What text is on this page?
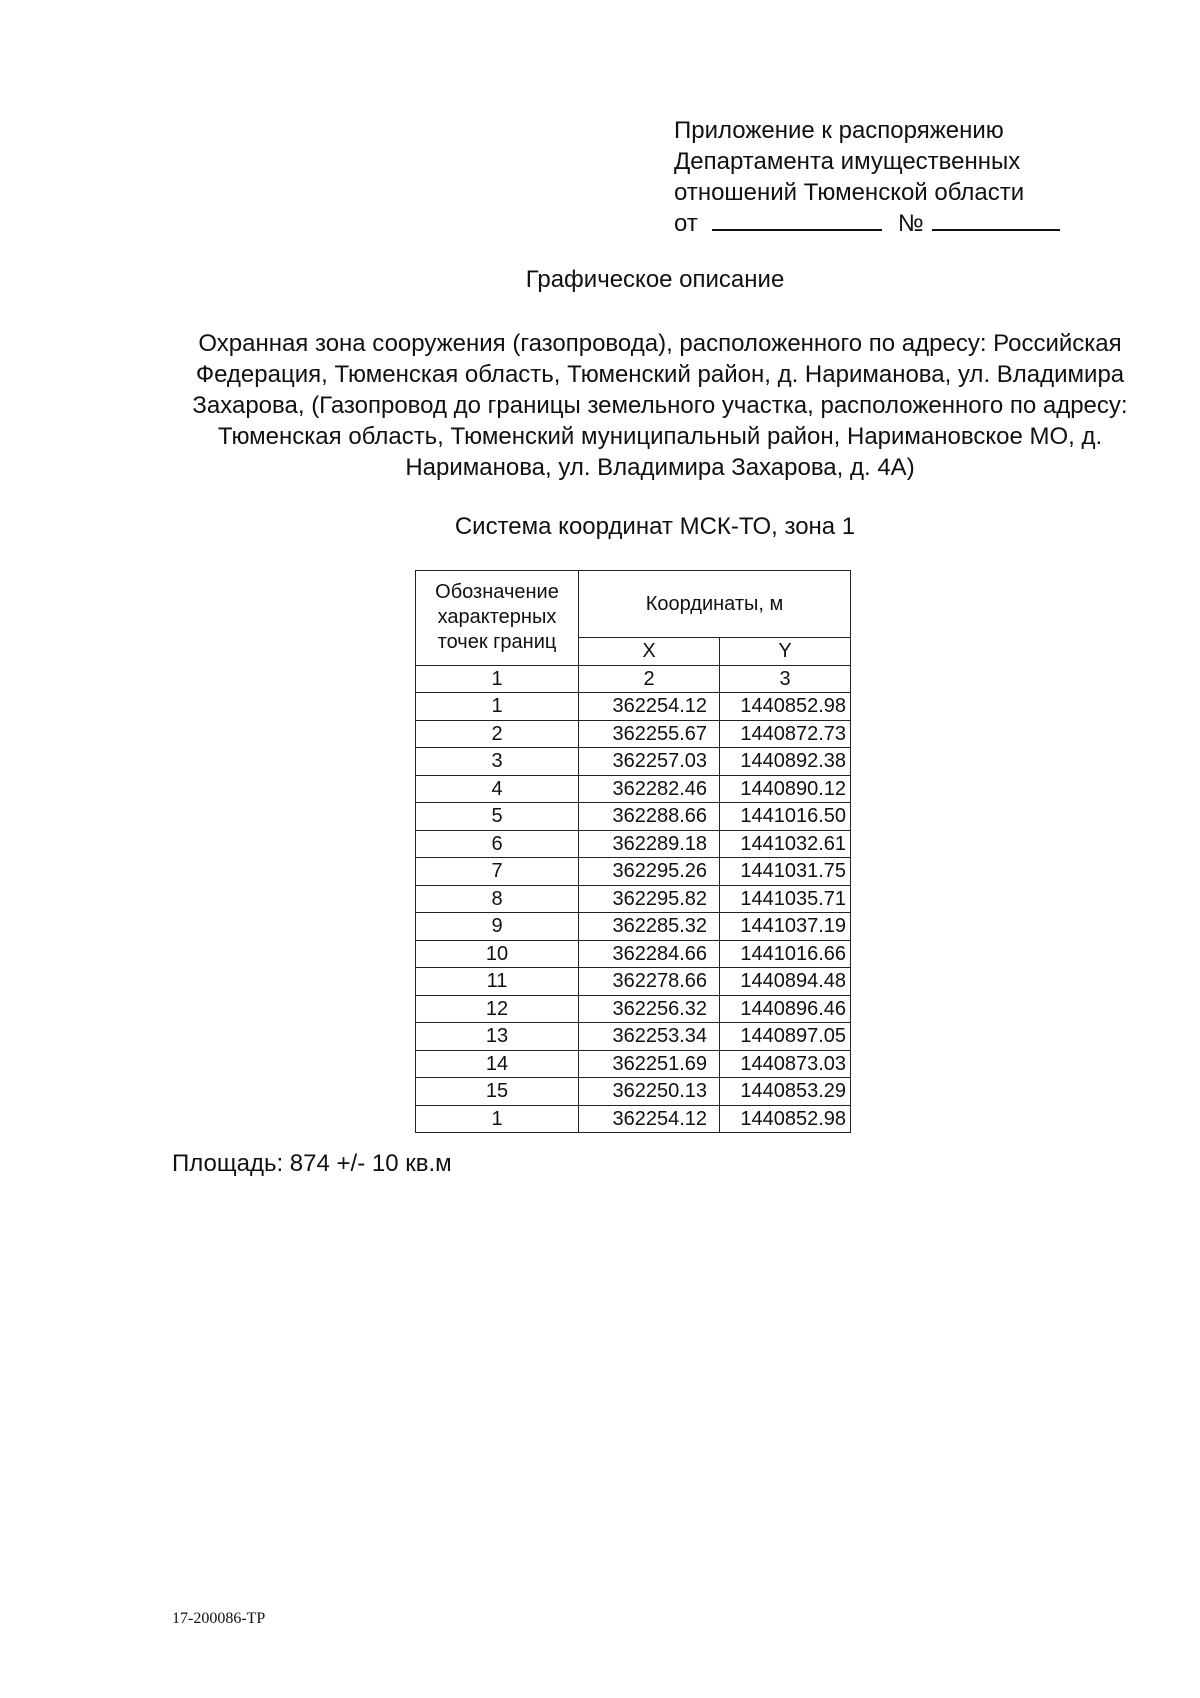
Приложение к распоряжению
Департамента имущественных
отношений Тюменской области
от	№
Графическое описание
Охранная зона сооружения (газопровода), расположенного по адресу: Российская Федерация, Тюменская область, Тюменский район, д. Нариманова, ул. Владимира Захарова, (Газопровод до границы земельного участка, расположенного по адресу: Тюменская область, Тюменский муниципальный район, Наримановское МО, д. Нариманова, ул. Владимира Захарова, д. 4А)
Система координат МСК-ТО, зона 1
Обозначение характерных точек границ	Координаты, м	
	X	Y
1	2	3
1	362254.12	1440852.98
2	362255.67	1440872.73
3	362257.03	1440892.38
4	362282.46	1440890.12
5	362288.66	1441016.50
6	362289.18	1441032.61
7	362295.26	1441031.75
8	362295.82	1441035.71
9	362285.32	1441037.19
10	362284.66	1441016.66
11	362278.66	1440894.48
12	362256.32	1440896.46
13	362253.34	1440897.05
14	362251.69	1440873.03
15	362250.13	1440853.29
1	362254.12	1440852.98
Площадь: 874 +/- 10 кв.м
17-200086-ТР
